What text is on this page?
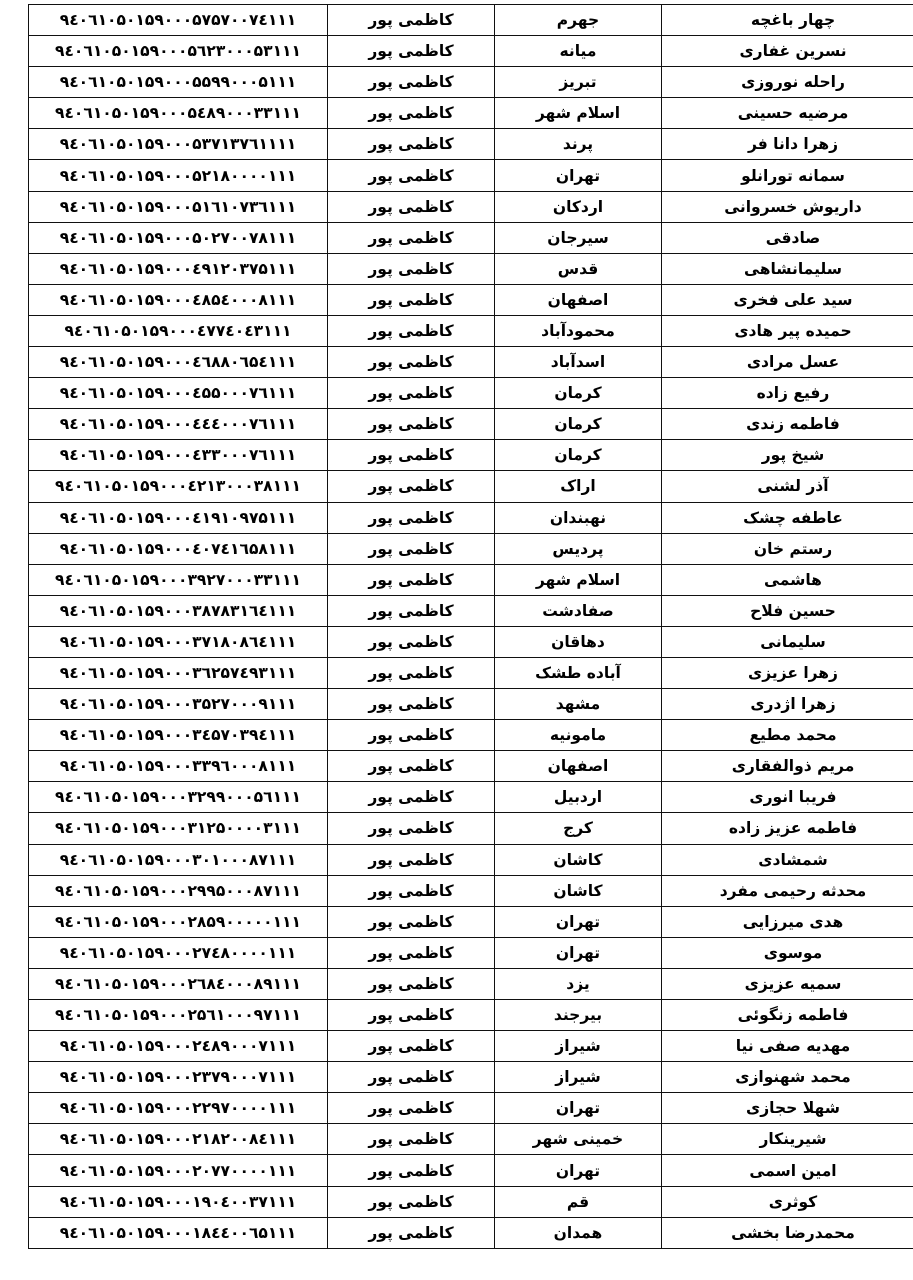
۹٤۰٦۱۰۵۰۱۵۹۰۰۰۵۷۵۷۰۰۷٤۱۱۱	کاظمی پور	جهرم	چهار باغچه
۹٤۰٦۱۰۵۰۱۵۹۰۰۰۵٦۲۳۰۰۰۵۳۱۱۱	کاظمی پور	میانه	نسرین غفاری
۹٤۰٦۱۰۵۰۱۵۹۰۰۰۵۵۹۹۰۰۰۵۱۱۱	کاظمی پور	تبریز	راحله نوروزی
۹٤۰٦۱۰۵۰۱۵۹۰۰۰۵٤۸۹۰۰۰۳۳۱۱۱	کاظمی پور	اسلام شهر	مرضیه حسینی
۹٤۰٦۱۰۵۰۱۵۹۰۰۰۵۳۷۱۳۷٦۱۱۱۱	کاظمی پور	پرند	زهرا دانا فر
۹٤۰٦۱۰۵۰۱۵۹۰۰۰۵۲۱۸۰۰۰۰۱۱۱	کاظمی پور	تهران	سمانه تورانلو
۹٤۰٦۱۰۵۰۱۵۹۰۰۰۵۱٦۱۰۷۳٦۱۱۱	کاظمی پور	اردکان	داریوش خسروانی
۹٤۰٦۱۰۵۰۱۵۹۰۰۰۵۰۲۷۰۰۷۸۱۱۱	کاظمی پور	سیرجان	صادقی
۹٤۰٦۱۰۵۰۱۵۹۰۰۰٤۹۱۲۰۳۷۵۱۱۱	کاظمی پور	قدس	سلیمانشاهی
۹٤۰٦۱۰۵۰۱۵۹۰۰۰٤۸۵٤۰۰۰۸۱۱۱	کاظمی پور	اصفهان	سید علی فخری
۹٤۰٦۱۰۵۰۱۵۹۰۰۰٤۷۷٤۰٤۳۱۱۱	کاظمی پور	محمودآباد	حمیده پیر هادی
۹٤۰٦۱۰۵۰۱۵۹۰۰۰٤٦۸۸۰٦۵٤۱۱۱	کاظمی پور	اسدآباد	عسل مرادی
۹٤۰٦۱۰۵۰۱۵۹۰۰۰٤۵۵۰۰۰۷٦۱۱۱	کاظمی پور	کرمان	رفیع زاده
۹٤۰٦۱۰۵۰۱۵۹۰۰۰٤٤٤۰۰۰۷٦۱۱۱	کاظمی پور	کرمان	فاطمه زندی
۹٤۰٦۱۰۵۰۱۵۹۰۰۰٤۳۳۰۰۰۷٦۱۱۱	کاظمی پور	کرمان	شیخ پور
۹٤۰٦۱۰۵۰۱۵۹۰۰۰٤۲۱۳۰۰۰۳۸۱۱۱	کاظمی پور	اراک	آذر لشنی
۹٤۰٦۱۰۵۰۱۵۹۰۰۰٤۱۹۱۰۹۷۵۱۱۱	کاظمی پور	نهبندان	عاطفه چشک
۹٤۰٦۱۰۵۰۱۵۹۰۰۰٤۰۷٤۱٦۵۸۱۱۱	کاظمی پور	پردیس	رستم خان
۹٤۰٦۱۰۵۰۱۵۹۰۰۰۳۹۲۷۰۰۰۳۳۱۱۱	کاظمی پور	اسلام شهر	هاشمی
۹٤۰٦۱۰۵۰۱۵۹۰۰۰۳۸۷۸۳۱٦٤۱۱۱	کاظمی پور	صفادشت	حسین فلاح
۹٤۰٦۱۰۵۰۱۵۹۰۰۰۳۷۱۸۰۸٦٤۱۱۱	کاظمی پور	دهاقان	سلیمانی
۹٤۰٦۱۰۵۰۱۵۹۰۰۰۳٦۲۵۷٤۹۳۱۱۱	کاظمی پور	آباده طشک	زهرا عزیزی
۹٤۰٦۱۰۵۰۱۵۹۰۰۰۳۵۲۷۰۰۰۹۱۱۱	کاظمی پور	مشهد	زهرا اژدری
۹٤۰٦۱۰۵۰۱۵۹۰۰۰۳٤۵۷۰۳۹٤۱۱۱	کاظمی پور	مامونیه	محمد مطیع
۹٤۰٦۱۰۵۰۱۵۹۰۰۰۳۳۹٦۰۰۰۸۱۱۱	کاظمی پور	اصفهان	مریم ذوالفقاری
۹٤۰٦۱۰۵۰۱۵۹۰۰۰۳۲۹۹۰۰۰۵٦۱۱۱	کاظمی پور	اردبیل	فریبا انوری
۹٤۰٦۱۰۵۰۱۵۹۰۰۰۳۱۲۵۰۰۰۰۳۱۱۱	کاظمی پور	کرج	فاطمه عزیز زاده
۹٤۰٦۱۰۵۰۱۵۹۰۰۰۳۰۱۰۰۰۸۷۱۱۱	کاظمی پور	کاشان	شمشادی
۹٤۰٦۱۰۵۰۱۵۹۰۰۰۲۹۹۵۰۰۰۸۷۱۱۱	کاظمی پور	کاشان	محدثه رحیمی مفرد
۹٤۰٦۱۰۵۰۱۵۹۰۰۰۲۸۵۹۰۰۰۰۰۱۱۱	کاظمی پور	تهران	هدی میرزایی
۹٤۰٦۱۰۵۰۱۵۹۰۰۰۲۷٤۸۰۰۰۰۱۱۱	کاظمی پور	تهران	موسوی
۹٤۰٦۱۰۵۰۱۵۹۰۰۰۲٦۸٤۰۰۰۸۹۱۱۱	کاظمی پور	یزد	سمیه عزیزی
۹٤۰٦۱۰۵۰۱۵۹۰۰۰۲۵٦۱۰۰۰۹۷۱۱۱	کاظمی پور	بیرجند	فاطمه زنگوئی
۹٤۰٦۱۰۵۰۱۵۹۰۰۰۲٤۸۹۰۰۰۷۱۱۱	کاظمی پور	شیراز	مهدیه صفی نیا
۹٤۰٦۱۰۵۰۱۵۹۰۰۰۲۳۷۹۰۰۰۷۱۱۱	کاظمی پور	شیراز	محمد شهنوازی
۹٤۰٦۱۰۵۰۱۵۹۰۰۰۲۲۹۷۰۰۰۰۱۱۱	کاظمی پور	تهران	شهلا حجازی
۹٤۰٦۱۰۵۰۱۵۹۰۰۰۲۱۸۲۰۰۸٤۱۱۱	کاظمی پور	خمینی شهر	شیرینکار
۹٤۰٦۱۰۵۰۱۵۹۰۰۰۲۰۷۷۰۰۰۰۱۱۱	کاظمی پور	تهران	امین اسمی
۹٤۰٦۱۰۵۰۱۵۹۰۰۰۱۹۰٤۰۰۳۷۱۱۱	کاظمی پور	قم	کوثری
۹٤۰٦۱۰۵۰۱۵۹۰۰۰۱۸٤٤۰۰٦۵۱۱۱	کاظمی پور	همدان	محمدرضا بخشی
